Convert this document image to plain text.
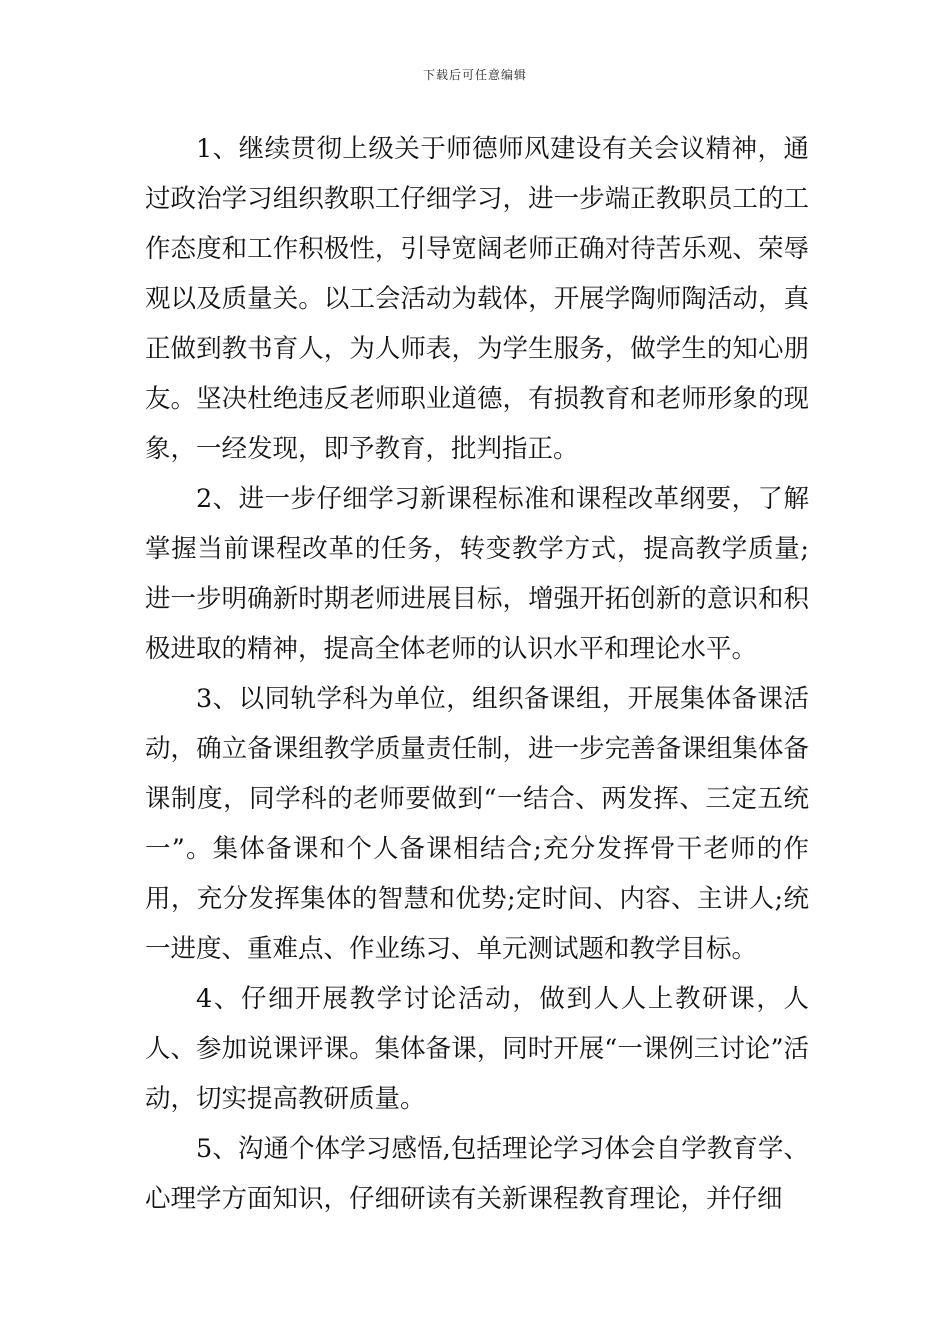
下载后可任意编辑

1、继续贯彻上级关于师德师风建设有关会议精神，通过政治学习组织教职工仔细学习，进一步端正教职员工的工作态度和工作积极性，引导宽阔老师正确对待苦乐观、荣辱观以及质量关。以工会活动为载体，开展学陶师陶活动，真正做到教书育人，为人师表，为学生服务，做学生的知心朋友。坚决杜绝违反老师职业道德，有损教育和老师形象的现象，一经发现，即予教育，批判指正。

2、进一步仔细学习新课程标准和课程改革纲要，了解掌握当前课程改革的任务，转变教学方式，提高教学质量;进一步明确新时期老师进展目标，增强开拓创新的意识和积极进取的精神，提高全体老师的认识水平和理论水平。

3、以同轨学科为单位，组织备课组，开展集体备课活动，确立备课组教学质量责任制，进一步完善备课组集体备课制度，同学科的老师要做到“一结合、两发挥、三定五统一”。集体备课和个人备课相结合;充分发挥骨干老师的作用，充分发挥集体的智慧和优势;定时间、内容、主讲人;统一进度、重难点、作业练习、单元测试题和教学目标。

4、仔细开展教学讨论活动，做到人人上教研课，人人、参加说课评课。集体备课，同时开展“一课例三讨论”活动，切实提高教研质量。

5、沟通个体学习感悟,包括理论学习体会自学教育学、心理学方面知识，仔细研读有关新课程教育理论，并仔细
